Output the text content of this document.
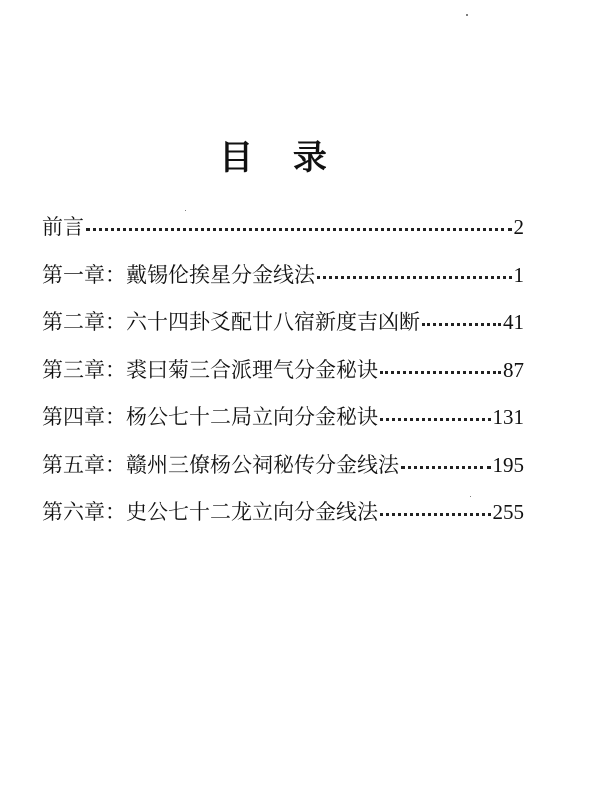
目 录
前言	2
第一章：戴锡伦挨星分金线法	1
第二章：六十四卦爻配廿八宿新度吉凶断	41
第三章：裘曰菊三合派理气分金秘诀	87
第四章：杨公七十二局立向分金秘诀	131
第五章：赣州三僚杨公祠秘传分金线法	195
第六章：史公七十二龙立向分金线法	255
